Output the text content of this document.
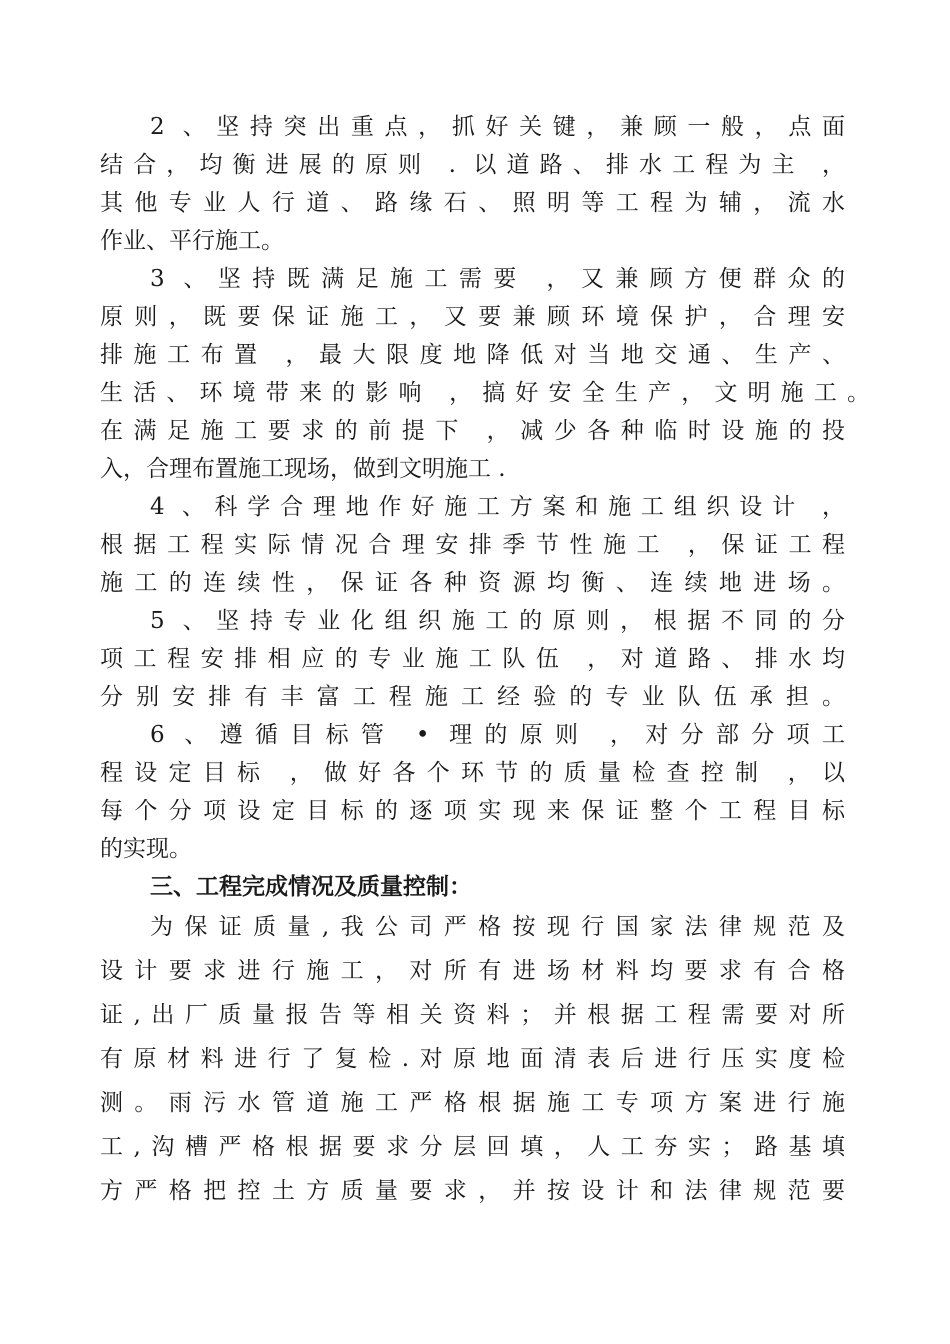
2 、坚持突出重点，抓好关键，兼顾一般，点面
结合，均衡进展的原则 . 以道路、排水工程为主 ，
其他专业人行道、路缘石、照明等工程为辅，流水
作业、平行施工。
3 、坚持既满足施工需要 ，又兼顾方便群众的
原则，既要保证施工，又要兼顾环境保护，合理安
排施工布置 ，最大限度地降低对当地交通、生产、
生活、环境带来的影响 ，搞好安全生产，文明施工。
在满足施工要求的前提下 ，减少各种临时设施的投
入，合理布置施工现场，做到文明施工 .
4 、科学合理地作好施工方案和施工组织设计 ，
根据工程实际情况合理安排季节性施工 ，保证工程
施工的连续性，保证各种资源均衡、连续地进场。
5 、坚持专业化组织施工的原则，根据不同的分
项工程安排相应的专业施工队伍 ，对道路、排水均
分别安排有丰富工程施工经验的专业队伍承担。
6 、遵循目标管 • 理的原则 ，对分部分项工
程设定目标 ，做好各个环节的质量检查控制 ，以
每个分项设定目标的逐项实现来保证整个工程目标
的实现。
三、工程完成情况及质量控制：
为保证质量,我公司严格按现行国家法律规范及
设计要求进行施工，对所有进场材料均要求有合格
证,出厂质量报告等相关资料；并根据工程需要对所
有原材料进行了复检.对原地面清表后进行压实度检
测。雨污水管道施工严格根据施工专项方案进行施
工,沟槽严格根据要求分层回填，人工夯实；路基填
方严格把控土方质量要求，并按设计和法律规范要
